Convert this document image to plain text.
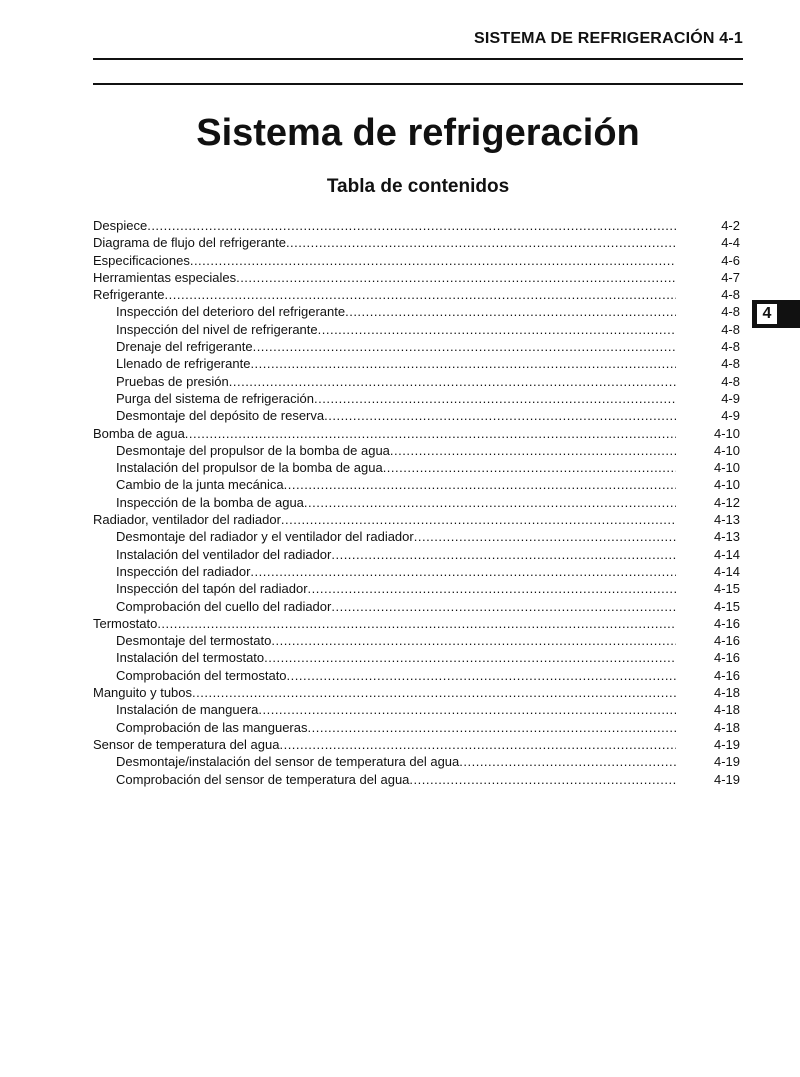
SISTEMA DE REFRIGERACIÓN 4-1
Sistema de refrigeración
Tabla de contenidos
Despiece .....	4-2
Diagrama de flujo del refrigerante .....	4-4
Especificaciones .....	4-6
Herramientas especiales .....	4-7
Refrigerante .....	4-8
Inspección del deterioro del refrigerante .....	4-8
Inspección del nivel de refrigerante .....	4-8
Drenaje del refrigerante .....	4-8
Llenado de refrigerante .....	4-8
Pruebas de presión .....	4-8
Purga del sistema de refrigeración .....	4-9
Desmontaje del depósito de reserva .....	4-9
Bomba de agua .....	4-10
Desmontaje del propulsor de la bomba de agua .....	4-10
Instalación del propulsor de la bomba de agua .....	4-10
Cambio de la junta mecánica .....	4-10
Inspección de la bomba de agua .....	4-12
Radiador, ventilador del radiador .....	4-13
Desmontaje del radiador y el ventilador del radiador .....	4-13
Instalación del ventilador del radiador .....	4-14
Inspección del radiador .....	4-14
Inspección del tapón del radiador .....	4-15
Comprobación del cuello del radiador .....	4-15
Termostato .....	4-16
Desmontaje del termostato .....	4-16
Instalación del termostato .....	4-16
Comprobación del termostato .....	4-16
Manguito y tubos .....	4-18
Instalación de manguera .....	4-18
Comprobación de las mangueras .....	4-18
Sensor de temperatura del agua .....	4-19
Desmontaje/instalación del sensor de temperatura del agua .....	4-19
Comprobación del sensor de temperatura del agua .....	4-19
4
